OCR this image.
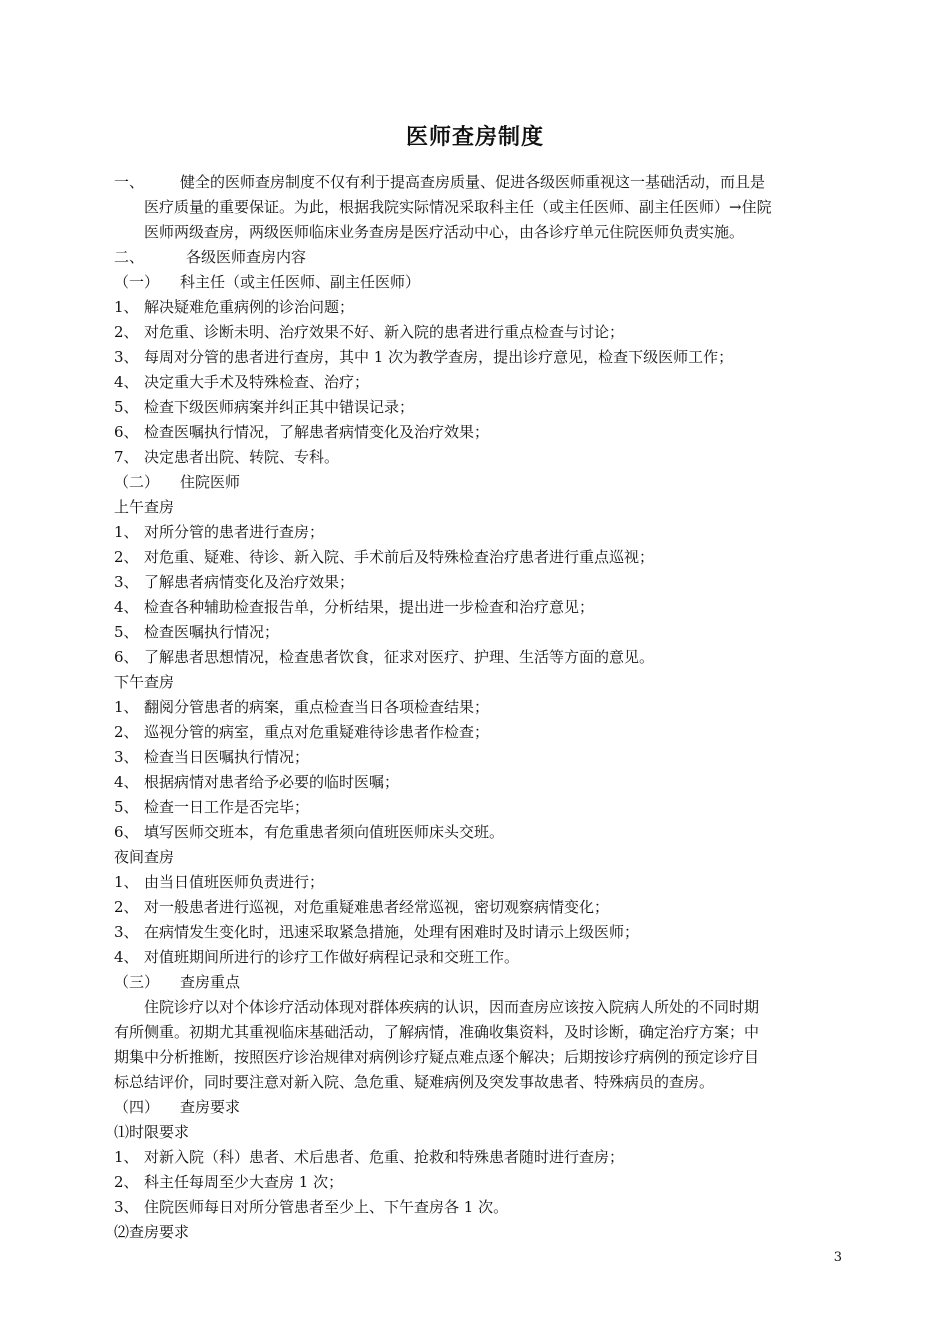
医师查房制度
一、 健全的医师查房制度不仅有利于提高查房质量、促进各级医师重视这一基础活动，而且是
医疗质量的重要保证。为此，根据我院实际情况采取科主任（或主任医师、副主任医师）→住院
医师两级查房，两级医师临床业务查房是医疗活动中心，由各诊疗单元住院医师负责实施。
二、	各级医师查房内容
（一） 科主任（或主任医师、副主任医师）
1、 解决疑难危重病例的诊治问题；
2、 对危重、诊断未明、治疗效果不好、新入院的患者进行重点检查与讨论；
3、 每周对分管的患者进行查房，其中 1 次为教学查房，提出诊疗意见，检查下级医师工作；
4、 决定重大手术及特殊检查、治疗；
5、 检查下级医师病案并纠正其中错误记录；
6、 检查医嘱执行情况，了解患者病情变化及治疗效果；
7、 决定患者出院、转院、专科。
（二） 住院医师
上午查房
1、 对所分管的患者进行查房；
2、 对危重、疑难、待诊、新入院、手术前后及特殊检查治疗患者进行重点巡视；
3、 了解患者病情变化及治疗效果；
4、 检查各种辅助检查报告单，分析结果，提出进一步检查和治疗意见；
5、 检查医嘱执行情况；
6、 了解患者思想情况，检查患者饮食，征求对医疗、护理、生活等方面的意见。
下午查房
1、 翻阅分管患者的病案，重点检查当日各项检查结果；
2、 巡视分管的病室，重点对危重疑难待诊患者作检查；
3、 检查当日医嘱执行情况；
4、 根据病情对患者给予必要的临时医嘱；
5、 检查一日工作是否完毕；
6、 填写医师交班本，有危重患者须向值班医师床头交班。
夜间查房
1、 由当日值班医师负责进行；
2、 对一般患者进行巡视，对危重疑难患者经常巡视，密切观察病情变化；
3、 在病情发生变化时，迅速采取紧急措施，处理有困难时及时请示上级医师；
4、 对值班期间所进行的诊疗工作做好病程记录和交班工作。
（三） 查房重点
住院诊疗以对个体诊疗活动体现对群体疾病的认识，因而查房应该按入院病人所处的不同时期
有所侧重。初期尤其重视临床基础活动，了解病情，准确收集资料，及时诊断，确定治疗方案；中
期集中分析推断，按照医疗诊治规律对病例诊疗疑点难点逐个解决；后期按诊疗病例的预定诊疗目
标总结评价，同时要注意对新入院、急危重、疑难病例及突发事故患者、特殊病员的查房。
（四） 查房要求
⑴时限要求
1、 对新入院（科）患者、术后患者、危重、抢救和特殊患者随时进行查房；
2、 科主任每周至少大查房 1 次；
3、 住院医师每日对所分管患者至少上、下午查房各 1 次。
⑵查房要求
3
